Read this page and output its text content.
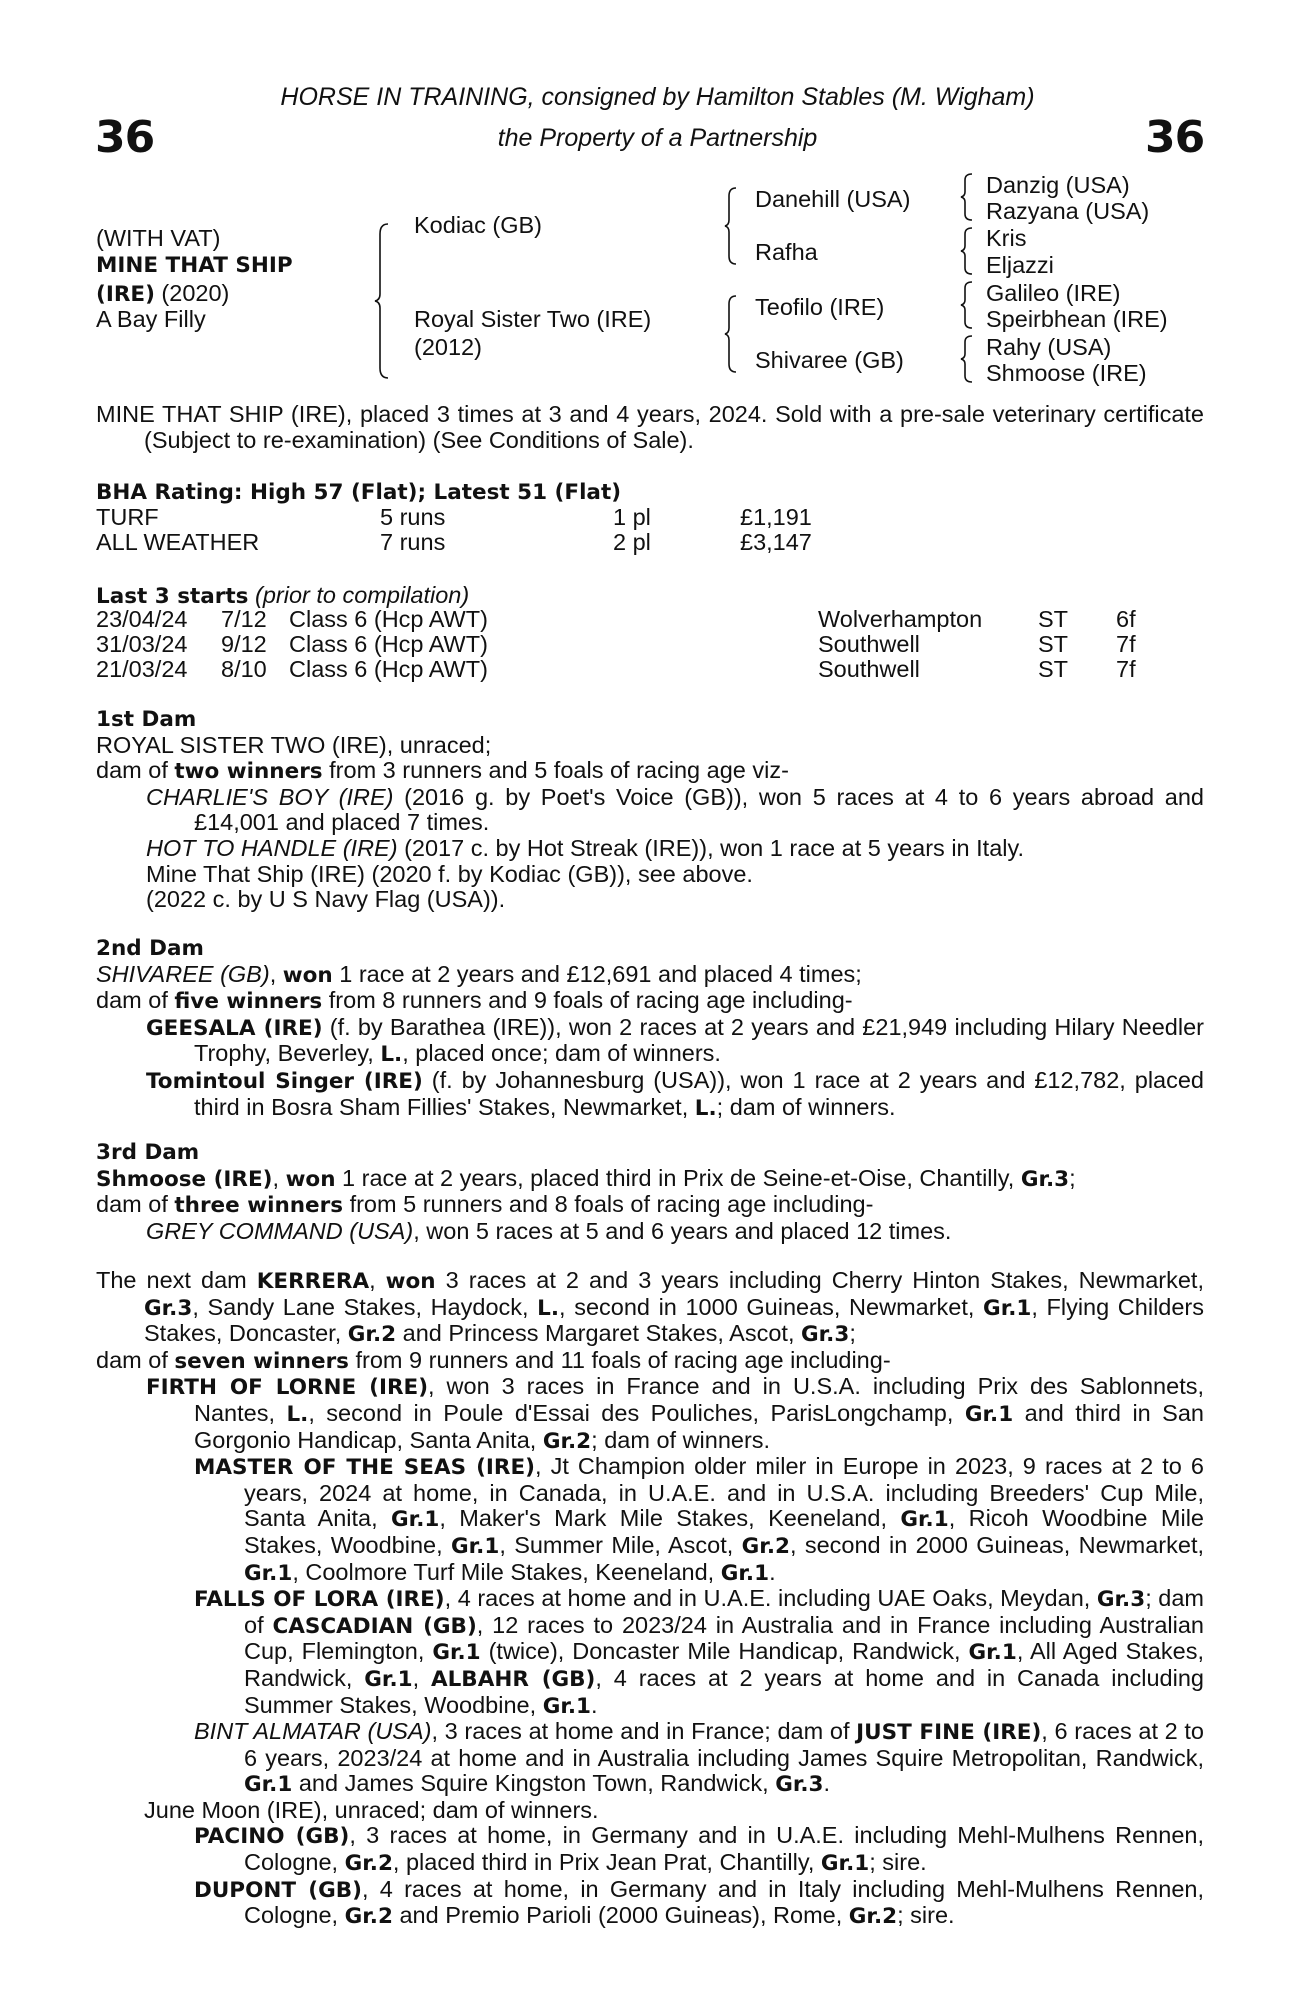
36	36
HORSE IN TRAINING, consigned by Hamilton Stables (M. Wigham)
the Property of a Partnership
(WITH VAT)
MINE THAT SHIP
(IRE) (2020)
A Bay Filly
Kodiac (GB)
Royal Sister Two (IRE)
(2012)
Danehill (USA)
Rafha
Teofilo (IRE)
Shivaree (GB)
Danzig (USA)
Razyana (USA)
Kris
Eljazzi
Galileo (IRE)
Speirbhean (IRE)
Rahy (USA)
Shmoose (IRE)

MINE THAT SHIP (IRE), placed 3 times at 3 and 4 years, 2024. Sold with a pre-sale veterinary certificate (Subject to re-examination) (See Conditions of Sale).

BHA Rating: High 57 (Flat); Latest 51 (Flat)
TURF	5 runs	1 pl	£1,191
ALL WEATHER	7 runs	2 pl	£3,147
Last 3 starts (prior to compilation)
23/04/24 7/12 Class 6 (Hcp AWT)	Wolverhampton ST 6f
31/03/24 9/12 Class 6 (Hcp AWT)	Southwell	ST 7f
21/03/24 8/10 Class 6 (Hcp AWT)	Southwell	ST 7f

1st Dam

ROYAL SISTER TWO (IRE), unraced;

dam of two winners from 3 runners and 5 foals of racing age viz-

CHARLIE'S BOY (IRE) (2016 g. by Poet's Voice (GB)), won 5 races at 4 to 6 years abroad and £14,001 and placed 7 times.

HOT TO HANDLE (IRE) (2017 c. by Hot Streak (IRE)), won 1 race at 5 years in Italy.

Mine That Ship (IRE) (2020 f. by Kodiac (GB)), see above.

(2022 c. by U S Navy Flag (USA)).

2nd Dam

SHIVAREE (GB), won 1 race at 2 years and £12,691 and placed 4 times;

dam of five winners from 8 runners and 9 foals of racing age including-

GEESALA (IRE) (f. by Barathea (IRE)), won 2 races at 2 years and £21,949 including Hilary Needler Trophy, Beverley, L., placed once; dam of winners.

Tomintoul Singer (IRE) (f. by Johannesburg (USA)), won 1 race at 2 years and £12,782, placed third in Bosra Sham Fillies' Stakes, Newmarket, L.; dam of winners.

3rd Dam

Shmoose (IRE), won 1 race at 2 years, placed third in Prix de Seine-et-Oise, Chantilly, Gr.3;

dam of three winners from 5 runners and 8 foals of racing age including-

GREY COMMAND (USA), won 5 races at 5 and 6 years and placed 12 times.

The next dam KERRERA, won 3 races at 2 and 3 years including Cherry Hinton Stakes, Newmarket, Gr.3, Sandy Lane Stakes, Haydock, L., second in 1000 Guineas, Newmarket, Gr.1, Flying Childers Stakes, Doncaster, Gr.2 and Princess Margaret Stakes, Ascot, Gr.3;

dam of seven winners from 9 runners and 11 foals of racing age including-

FIRTH OF LORNE (IRE), won 3 races in France and in U.S.A. including Prix des Sablonnets, Nantes, L., second in Poule d'Essai des Pouliches, ParisLongchamp, Gr.1 and third in San Gorgonio Handicap, Santa Anita, Gr.2; dam of winners.

MASTER OF THE SEAS (IRE), Jt Champion older miler in Europe in 2023, 9 races at 2 to 6 years, 2024 at home, in Canada, in U.A.E. and in U.S.A. including Breeders' Cup Mile, Santa Anita, Gr.1, Maker's Mark Mile Stakes, Keeneland, Gr.1, Ricoh Woodbine Mile Stakes, Woodbine, Gr.1, Summer Mile, Ascot, Gr.2, second in 2000 Guineas, Newmarket, Gr.1, Coolmore Turf Mile Stakes, Keeneland, Gr.1.

FALLS OF LORA (IRE), 4 races at home and in U.A.E. including UAE Oaks, Meydan, Gr.3; dam of CASCADIAN (GB), 12 races to 2023/24 in Australia and in France including Australian Cup, Flemington, Gr.1 (twice), Doncaster Mile Handicap, Randwick, Gr.1, All Aged Stakes, Randwick, Gr.1, ALBAHR (GB), 4 races at 2 years at home and in Canada including Summer Stakes, Woodbine, Gr.1.

BINT ALMATAR (USA), 3 races at home and in France; dam of JUST FINE (IRE), 6 races at 2 to 6 years, 2023/24 at home and in Australia including James Squire Metropolitan, Randwick, Gr.1 and James Squire Kingston Town, Randwick, Gr.3.

June Moon (IRE), unraced; dam of winners.

PACINO (GB), 3 races at home, in Germany and in U.A.E. including Mehl-Mulhens Rennen, Cologne, Gr.2, placed third in Prix Jean Prat, Chantilly, Gr.1; sire.

DUPONT (GB), 4 races at home, in Germany and in Italy including Mehl-Mulhens Rennen, Cologne, Gr.2 and Premio Parioli (2000 Guineas), Rome, Gr.2; sire.
